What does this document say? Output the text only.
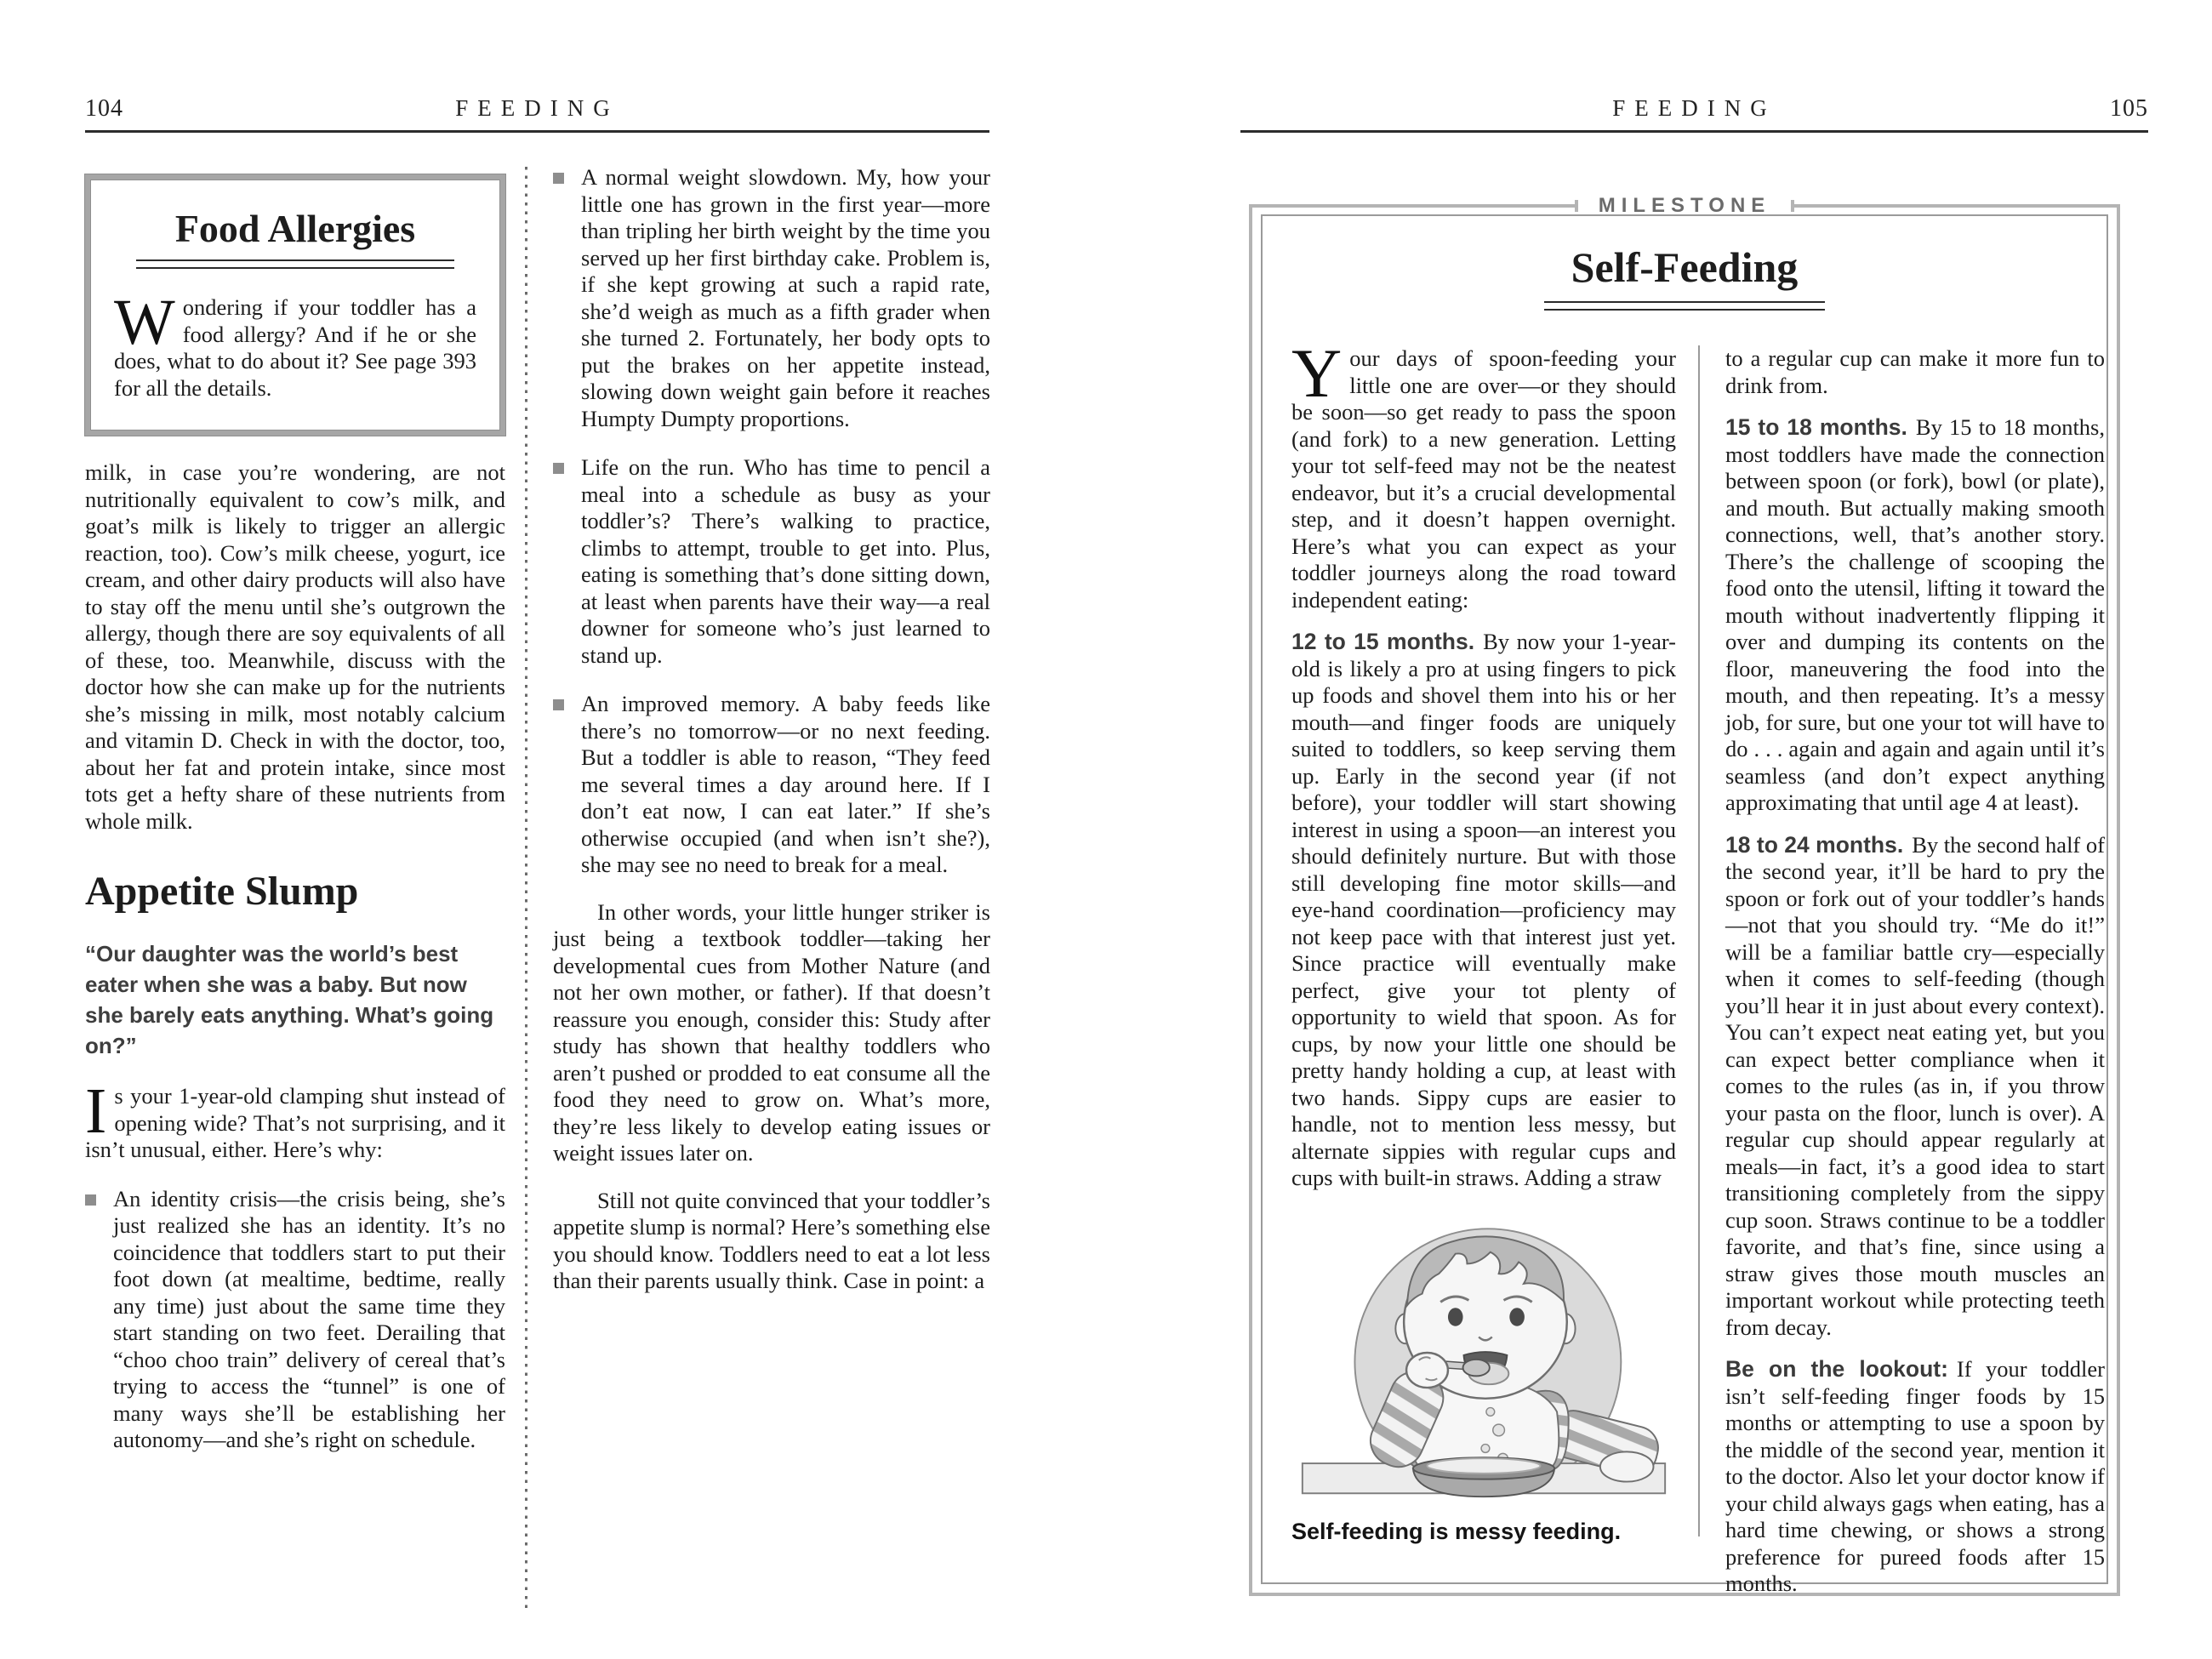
104	FEEDING
Food Allergies

Wondering if your toddler has a food allergy? And if he or she does, what to do about it? See page 393 for all the details.

milk, in case you’re wondering, are not nutritionally equivalent to cow’s milk, and goat’s milk is likely to trigger an allergic reaction, too). Cow’s milk cheese, yogurt, ice cream, and other dairy products will also have to stay off the menu until she’s outgrown the allergy, though there are soy equivalents of all of these, too. Meanwhile, discuss with the doctor how she can make up for the nutrients she’s missing in milk, most notably calcium and vitamin D. Check in with the doctor, too, about her fat and protein intake, since most tots get a hefty share of these nutrients from whole milk.

Appetite Slump

“Our daughter was the world’s best eater when she was a baby. But now she barely eats anything. What’s going on?”

Is your 1-year-old clamping shut instead of opening wide? That’s not surprising, and it isn’t unusual, either. Here’s why:

An identity crisis—the crisis being, she’s just realized she has an identity. It’s no coincidence that toddlers start to put their foot down (at mealtime, bedtime, really any time) just about the same time they start standing on two feet. Derailing that “choo choo train” delivery of cereal that’s trying to access the “tunnel” is one of many ways she’ll be establishing her autonomy—and she’s right on schedule.

A normal weight slowdown. My, how your little one has grown in the first year—more than tripling her birth weight by the time you served up her first birthday cake. Problem is, if she kept growing at such a rapid rate, she’d weigh as much as a fifth grader when she turned 2. Fortunately, her body opts to put the brakes on her appetite instead, slowing down weight gain before it reaches Humpty Dumpty proportions.

Life on the run. Who has time to pencil a meal into a schedule as busy as your toddler’s? There’s walking to practice, climbs to attempt, trouble to get into. Plus, eating is something that’s done sitting down, at least when parents have their way—a real downer for someone who’s just learned to stand up.

An improved memory. A baby feeds like there’s no tomorrow—or no next feeding. But a toddler is able to reason, “They feed me several times a day around here. If I don’t eat now, I can eat later.” If she’s otherwise occupied (and when isn’t she?), she may see no need to break for a meal.

In other words, your little hunger striker is just being a textbook toddler—taking her developmental cues from Mother Nature (and not her own mother, or father). If that doesn’t reassure you enough, consider this: Study after study has shown that healthy toddlers who aren’t pushed or prodded to eat consume all the food they need to grow on. What’s more, they’re less likely to develop eating issues or weight issues later on.

Still not quite convinced that your toddler’s appetite slump is normal? Here’s something else you should know. Toddlers need to eat a lot less than their parents usually think. Case in point: a

FEEDING	105
MILESTONE
Self-Feeding

Your days of spoon-feeding your little one are over—or they should be soon—so get ready to pass the spoon (and fork) to a new generation. Letting your tot self-feed may not be the neatest endeavor, but it’s a crucial developmental step, and it doesn’t happen overnight. Here’s what you can expect as your toddler journeys along the road toward independent eating:

12 to 15 months. By now your 1-year-old is likely a pro at using fingers to pick up foods and shovel them into his or her mouth—and finger foods are uniquely suited to toddlers, so keep serving them up. Early in the second year (if not before), your toddler will start showing interest in using a spoon—an interest you should definitely nurture. But with those still developing fine motor skills—and eye-hand coordination—proficiency may not keep pace with that interest just yet. Since practice will eventually make perfect, give your tot plenty of opportunity to wield that spoon. As for cups, by now your little one should be pretty handy holding a cup, at least with two hands. Sippy cups are easier to handle, not to mention less messy, but alternate sippies with regular cups and cups with built-in straws. Adding a straw

Self-feeding is messy feeding.

to a regular cup can make it more fun to drink from.

15 to 18 months. By 15 to 18 months, most toddlers have made the connection between spoon (or fork), bowl (or plate), and mouth. But actually making smooth connections, well, that’s another story. There’s the challenge of scooping the food onto the utensil, lifting it toward the mouth without inadvertently flipping it over and dumping its contents on the floor, maneuvering the food into the mouth, and then repeating. It’s a messy job, for sure, but one your tot will have to do . . . again and again and again until it’s seamless (and don’t expect anything approximating that until age 4 at least).

18 to 24 months. By the second half of the second year, it’ll be hard to pry the spoon or fork out of your toddler’s hands—not that you should try. “Me do it!” will be a familiar battle cry—especially when it comes to self-feeding (though you’ll hear it in just about every context). You can’t expect neat eating yet, but you can expect better compliance when it comes to the rules (as in, if you throw your pasta on the floor, lunch is over). A regular cup should appear regularly at meals—in fact, it’s a good idea to start transitioning completely from the sippy cup soon. Straws continue to be a toddler favorite, and that’s fine, since using a straw gives those mouth muscles an important workout while protecting teeth from decay.

Be on the lookout: If your toddler isn’t self-feeding finger foods by 15 months or attempting to use a spoon by the middle of the second year, mention it to the doctor. Also let your doctor know if your child always gags when eating, has a hard time chewing, or shows a strong preference for pureed foods after 15 months.
